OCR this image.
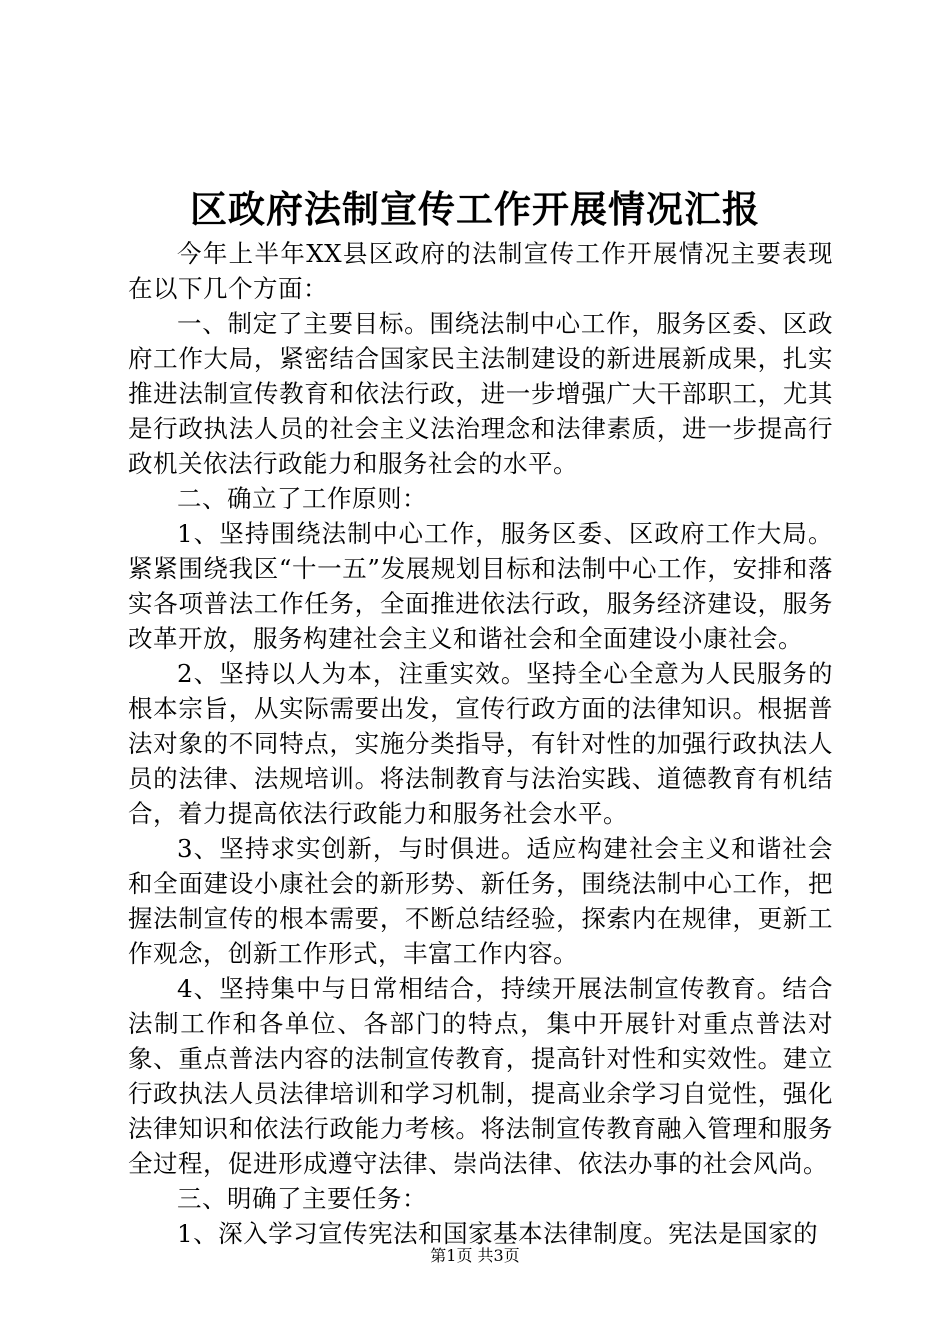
区政府法制宣传工作开展情况汇报

今年上半年XX县区政府的法制宣传工作开展情况主要表现在以下几个方面：

一、制定了主要目标。围绕法制中心工作，服务区委、区政府工作大局，紧密结合国家民主法制建设的新进展新成果，扎实推进法制宣传教育和依法行政，进一步增强广大干部职工，尤其是行政执法人员的社会主义法治理念和法律素质，进一步提高行政机关依法行政能力和服务社会的水平。

二、确立了工作原则：

1、坚持围绕法制中心工作，服务区委、区政府工作大局。紧紧围绕我区“十一五”发展规划目标和法制中心工作，安排和落实各项普法工作任务，全面推进依法行政，服务经济建设，服务改革开放，服务构建社会主义和谐社会和全面建设小康社会。

2、坚持以人为本，注重实效。坚持全心全意为人民服务的根本宗旨，从实际需要出发，宣传行政方面的法律知识。根据普法对象的不同特点，实施分类指导，有针对性的加强行政执法人员的法律、法规培训。将法制教育与法治实践、道德教育有机结合，着力提高依法行政能力和服务社会水平。

3、坚持求实创新，与时俱进。适应构建社会主义和谐社会和全面建设小康社会的新形势、新任务，围绕法制中心工作，把握法制宣传的根本需要，不断总结经验，探索内在规律，更新工作观念，创新工作形式，丰富工作内容。

4、坚持集中与日常相结合，持续开展法制宣传教育。结合法制工作和各单位、各部门的特点，集中开展针对重点普法对象、重点普法内容的法制宣传教育，提高针对性和实效性。建立行政执法人员法律培训和学习机制，提高业余学习自觉性，强化法律知识和依法行政能力考核。将法制宣传教育融入管理和服务全过程，促进形成遵守法律、崇尚法律、依法办事的社会风尚。

三、明确了主要任务：

1、深入学习宣传宪法和国家基本法律制度。宪法是国家的

第1页 共3页
